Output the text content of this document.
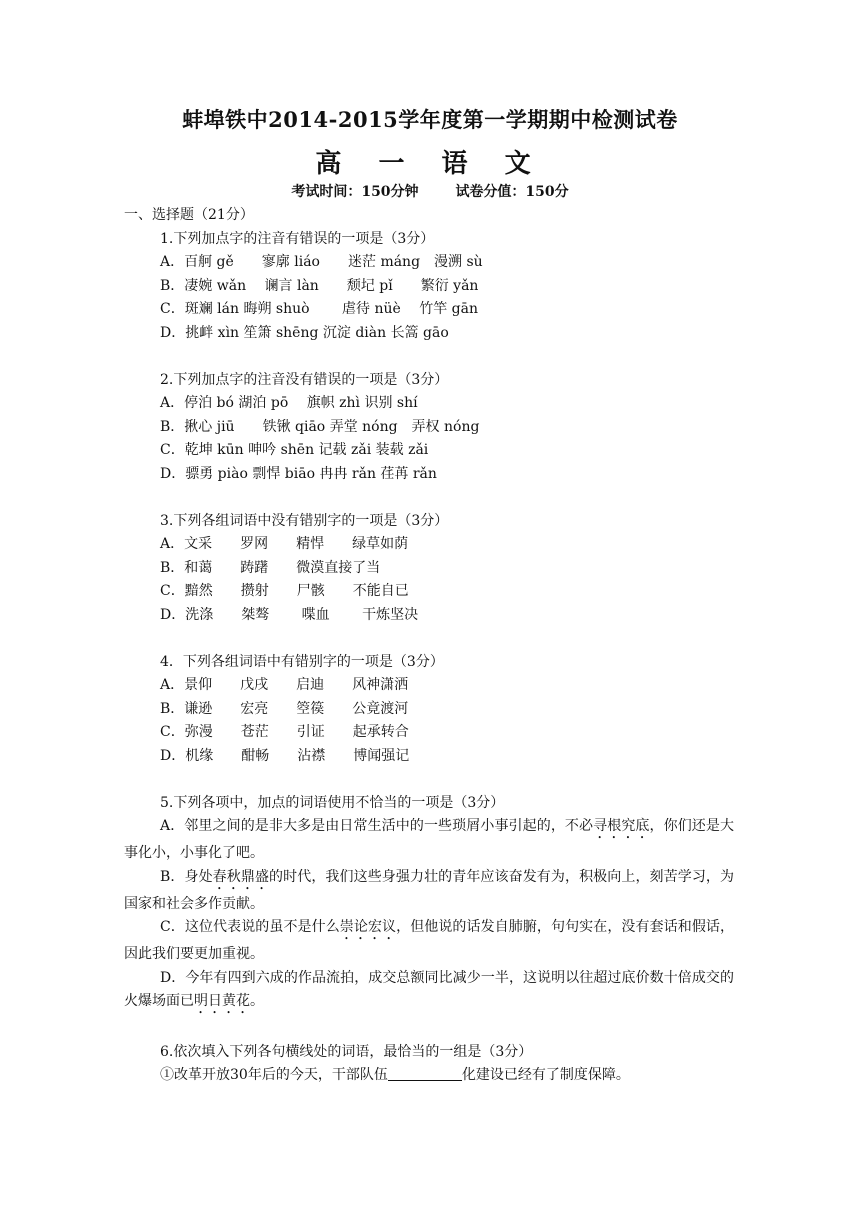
蚌埠铁中2014-2015学年度第一学期期中检测试卷
高 一 语 文
考试时间：150分钟	试卷分值：150分
一、选择题（21分）
1.下列加点字的注音有错误的一项是（3分）
A．百舸 gě　　寥廓 liáo　　迷茫 máng　漫溯 sù
B．凄婉 wǎn　 谰言 làn　　颓圮 pǐ　　繁衍 yǎn
C．斑斓 lán 晦朔 shuò　　 虐待 nüè　 竹竿 gān
D．挑衅 xìn 笙箫 shēng 沉淀 diàn 长篙 gāo
2.下列加点字的注音没有错误的一项是（3分）
A．停泊 bó 湖泊 pō　 旗帜 zhì 识别 shí
B．揪心 jiū　　铁锹 qiāo 弄堂 nóng　弄权 nóng
C．乾坤 kūn 呻吟 shēn 记载 zǎi 装载 zǎi
D．骠勇 piào 剽悍 biāo 冉冉 rǎn 荏苒 rǎn
3.下列各组词语中没有错别字的一项是（3分）
A．文采　　罗网　　精悍　　绿草如荫
B．和蔼　　踌躇　　微漠直接了当
C．黯然　　攒射　　尸骸　　不能自已
D．洗涤　　桀骜　　 喋血　　 干炼坚决
4．下列各组词语中有错别字的一项是（3分）
A．景仰　　戊戌　　启迪　　风神潇洒
B．谦逊　　宏亮　　箜篌　　公竟渡河
C．弥漫　　苍茫　　引证　　起承转合
D．机缘　　酣畅　　沾襟　　博闻强记
5.下列各项中，加点的词语使用不恰当的一项是（3分）
A．邻里之间的是非大多是由日常生活中的一些琐屑小事引起的，不必寻根究底，你们还是大事化小，小事化了吧。
B．身处春秋鼎盛的时代，我们这些身强力壮的青年应该奋发有为，积极向上，刻苦学习，为国家和社会多作贡献。
C．这位代表说的虽不是什么崇论宏议，但他说的话发自肺腑，句句实在，没有套话和假话，因此我们要更加重视。
D．今年有四到六成的作品流拍，成交总额同比减少一半，这说明以往超过底价数十倍成交的火爆场面已明日黄花。
6.依次填入下列各句横线处的词语，最恰当的一组是（3分）
①改革开放30年后的今天，干部队伍	化建设已经有了制度保障。
